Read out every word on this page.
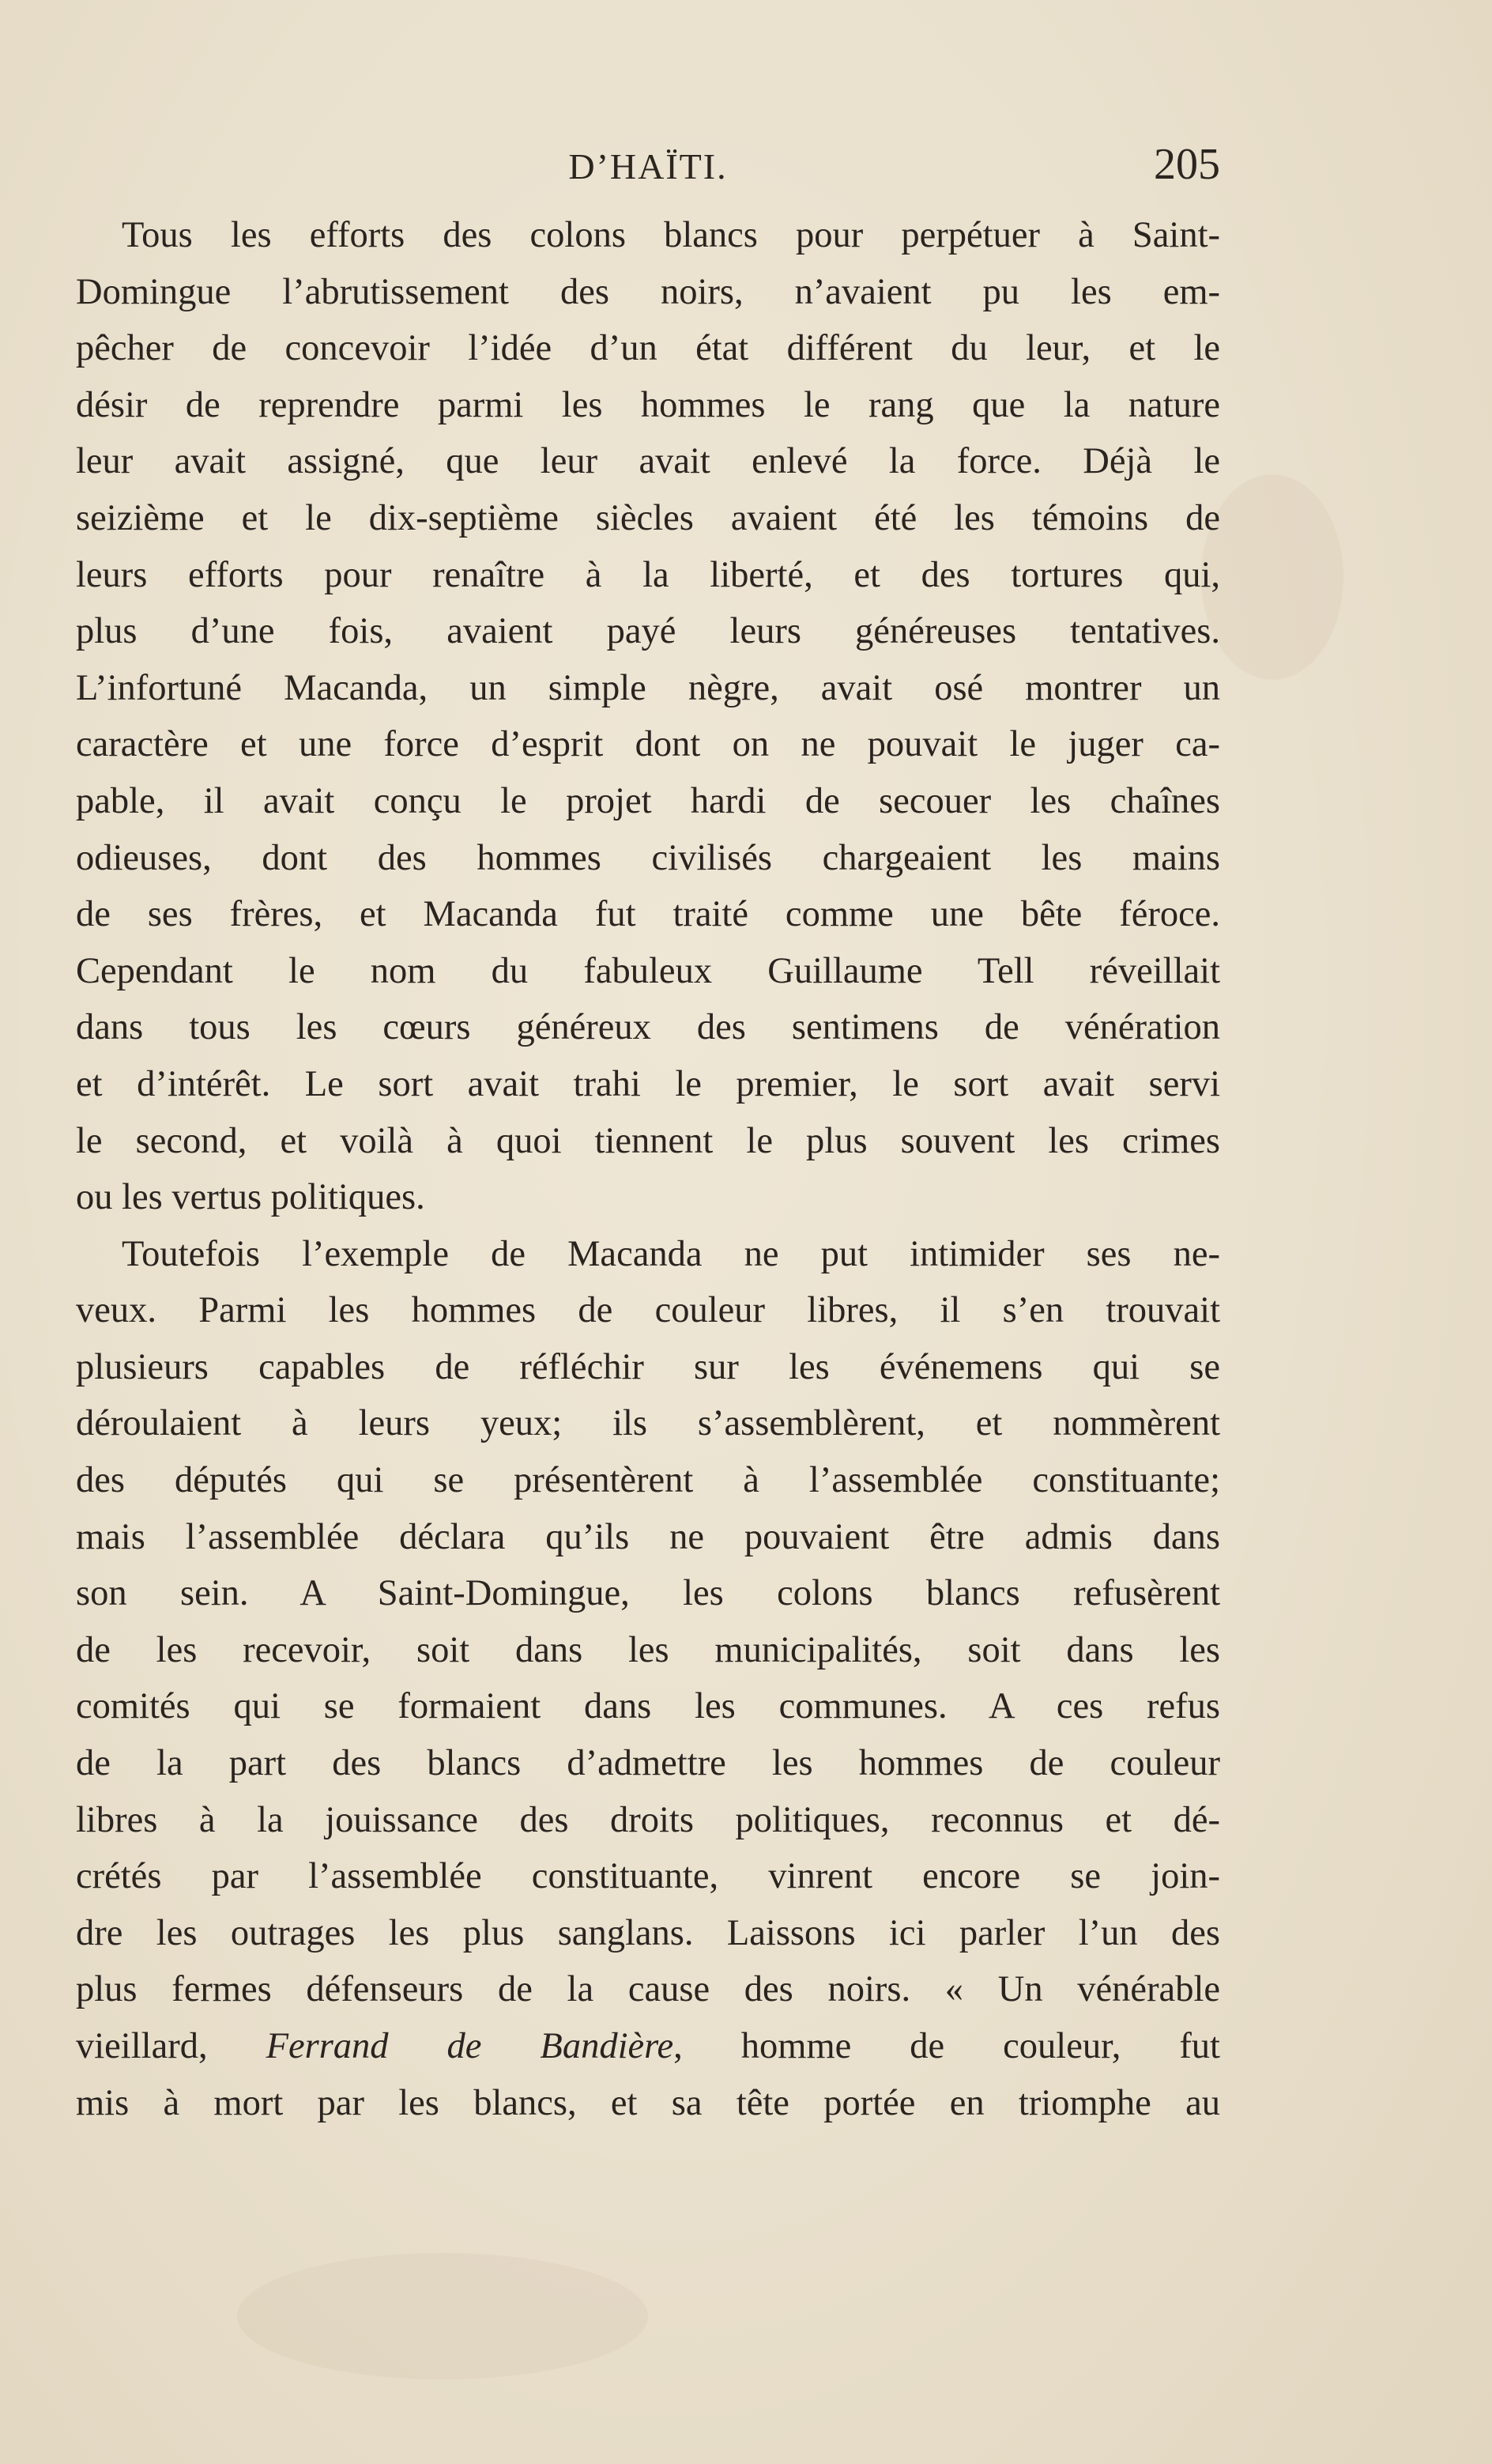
D’HAÏTI.	205
Tous les efforts des colons blancs pour perpétuer à Saint-
Domingue l’abrutissement des noirs, n’avaient pu les em-
pêcher de concevoir l’idée d’un état différent du leur, et le
désir de reprendre parmi les hommes le rang que la nature
leur avait assigné, que leur avait enlevé la force. Déjà le
seizième et le dix-septième siècles avaient été les témoins de
leurs efforts pour renaître à la liberté, et des tortures qui,
plus d’une fois, avaient payé leurs généreuses tentatives.
L’infortuné Macanda, un simple nègre, avait osé montrer un
caractère et une force d’esprit dont on ne pouvait le juger ca-
pable, il avait conçu le projet hardi de secouer les chaînes
odieuses, dont des hommes civilisés chargeaient les mains
de ses frères, et Macanda fut traité comme une bête féroce.
Cependant le nom du fabuleux Guillaume Tell réveillait
dans tous les cœurs généreux des sentimens de vénération
et d’intérêt. Le sort avait trahi le premier, le sort avait servi
le second, et voilà à quoi tiennent le plus souvent les crimes
ou les vertus politiques.
Toutefois l’exemple de Macanda ne put intimider ses ne-
veux. Parmi les hommes de couleur libres, il s’en trouvait
plusieurs capables de réfléchir sur les événemens qui se
déroulaient à leurs yeux; ils s’assemblèrent, et nommèrent
des députés qui se présentèrent à l’assemblée constituante;
mais l’assemblée déclara qu’ils ne pouvaient être admis dans
son sein. A Saint-Domingue, les colons blancs refusèrent
de les recevoir, soit dans les municipalités, soit dans les
comités qui se formaient dans les communes. A ces refus
de la part des blancs d’admettre les hommes de couleur
libres à la jouissance des droits politiques, reconnus et dé-
crétés par l’assemblée constituante, vinrent encore se join-
dre les outrages les plus sanglans. Laissons ici parler l’un des
plus fermes défenseurs de la cause des noirs. « Un vénérable
vieillard, Ferrand de Bandière, homme de couleur, fut
mis à mort par les blancs, et sa tête portée en triomphe au
